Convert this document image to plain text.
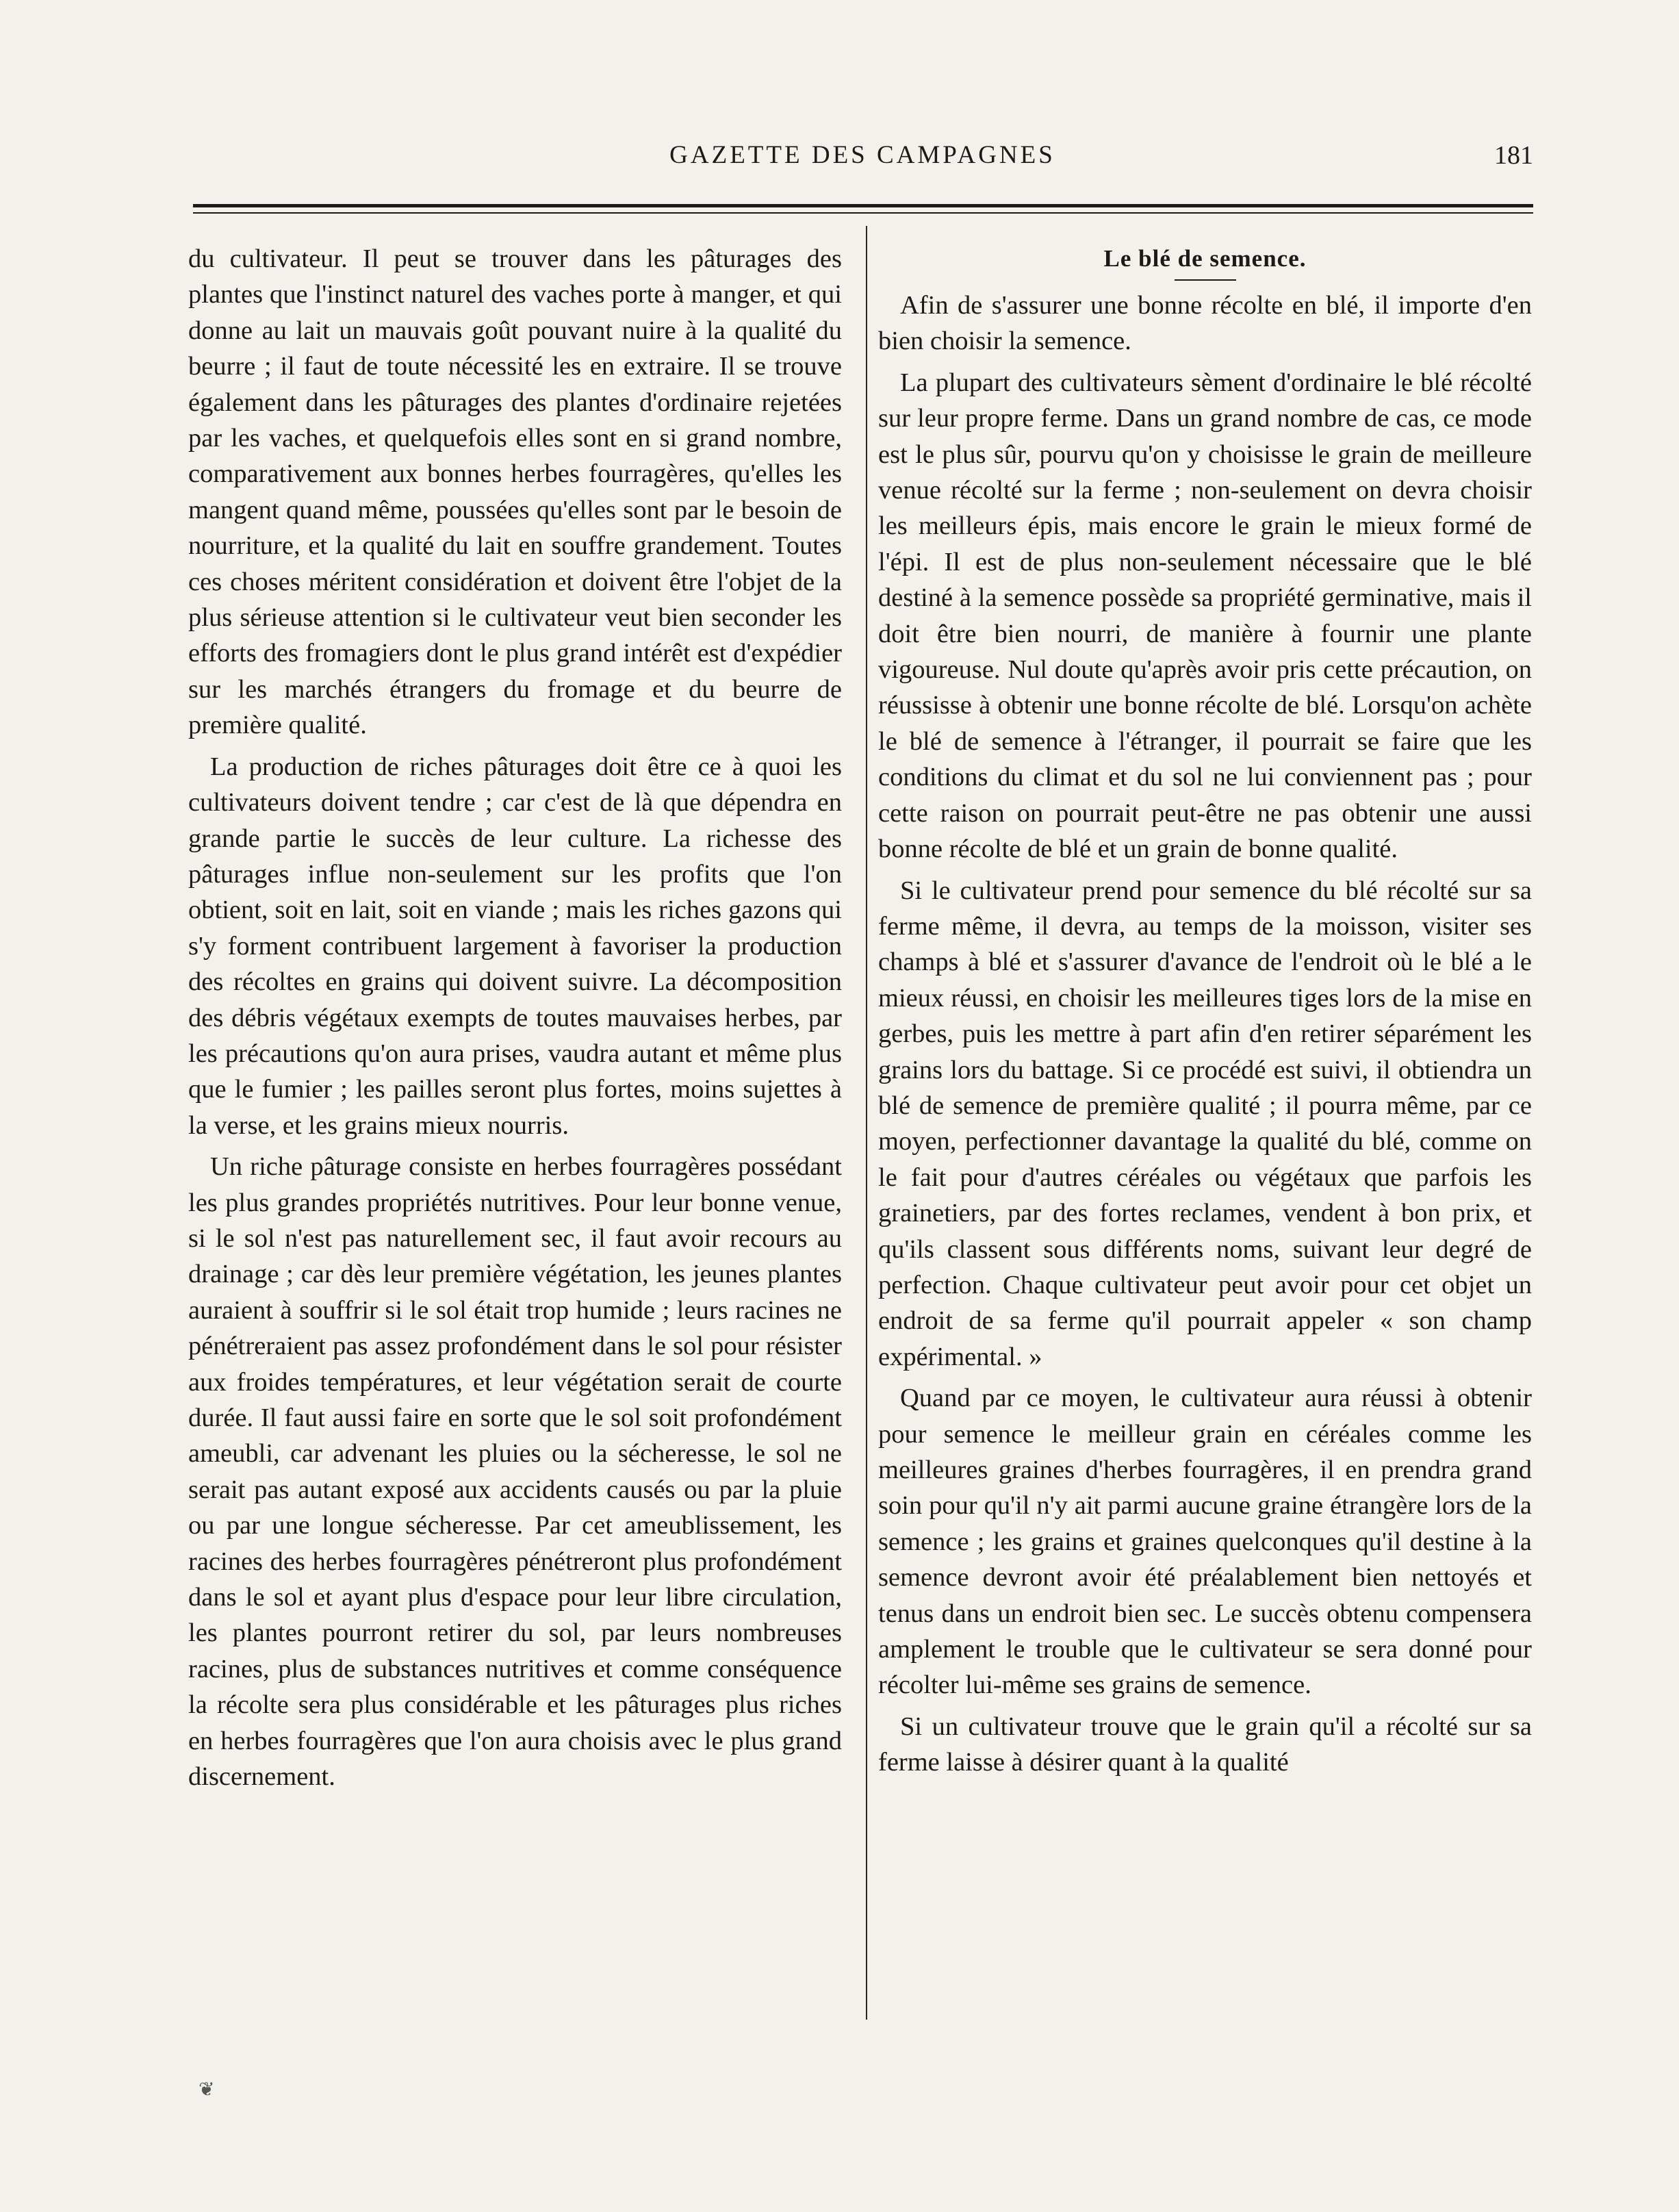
GAZETTE DES CAMPAGNES	181

du cultivateur. Il peut se trouver dans les pâturages des plantes que l'instinct naturel des vaches porte à manger, et qui donne au lait un mauvais goût pouvant nuire à la qualité du beurre ; il faut de toute nécessité les en extraire. Il se trouve également dans les pâturages des plantes d'ordinaire rejetées par les vaches, et quelquefois elles sont en si grand nombre, comparativement aux bonnes herbes fourragères, qu'elles les mangent quand même, poussées qu'elles sont par le besoin de nourriture, et la qualité du lait en souffre grandement. Toutes ces choses méritent considération et doivent être l'objet de la plus sérieuse attention si le cultivateur veut bien seconder les efforts des fromagiers dont le plus grand intérêt est d'expédier sur les marchés étrangers du fromage et du beurre de première qualité.

La production de riches pâturages doit être ce à quoi les cultivateurs doivent tendre ; car c'est de là que dépendra en grande partie le succès de leur culture. La richesse des pâturages influe non-seulement sur les profits que l'on obtient, soit en lait, soit en viande ; mais les riches gazons qui s'y forment contribuent largement à favoriser la production des récoltes en grains qui doivent suivre. La décomposition des débris végétaux exempts de toutes mauvaises herbes, par les précautions qu'on aura prises, vaudra autant et même plus que le fumier ; les pailles seront plus fortes, moins sujettes à la verse, et les grains mieux nourris.

Un riche pâturage consiste en herbes fourragères possédant les plus grandes propriétés nutritives. Pour leur bonne venue, si le sol n'est pas naturellement sec, il faut avoir recours au drainage ; car dès leur première végétation, les jeunes plantes auraient à souffrir si le sol était trop humide ; leurs racines ne pénétreraient pas assez profondément dans le sol pour résister aux froides températures, et leur végétation serait de courte durée. Il faut aussi faire en sorte que le sol soit profondément ameubli, car advenant les pluies ou la sécheresse, le sol ne serait pas autant exposé aux accidents causés ou par la pluie ou par une longue sécheresse. Par cet ameublissement, les racines des herbes fourragères pénétreront plus profondément dans le sol et ayant plus d'espace pour leur libre circulation, les plantes pourront retirer du sol, par leurs nombreuses racines, plus de substances nutritives et comme conséquence la récolte sera plus considérable et les pâturages plus riches en herbes fourragères que l'on aura choisis avec le plus grand discernement.

Le blé de semence.

Afin de s'assurer une bonne récolte en blé, il importe d'en bien choisir la semence.

La plupart des cultivateurs sèment d'ordinaire le blé récolté sur leur propre ferme. Dans un grand nombre de cas, ce mode est le plus sûr, pourvu qu'on y choisisse le grain de meilleure venue récolté sur la ferme ; non-seulement on devra choisir les meilleurs épis, mais encore le grain le mieux formé de l'épi. Il est de plus non-seulement nécessaire que le blé destiné à la semence possède sa propriété germinative, mais il doit être bien nourri, de manière à fournir une plante vigoureuse. Nul doute qu'après avoir pris cette précaution, on réussisse à obtenir une bonne récolte de blé. Lorsqu'on achète le blé de semence à l'étranger, il pourrait se faire que les conditions du climat et du sol ne lui conviennent pas ; pour cette raison on pourrait peut-être ne pas obtenir une aussi bonne récolte de blé et un grain de bonne qualité.

Si le cultivateur prend pour semence du blé récolté sur sa ferme même, il devra, au temps de la moisson, visiter ses champs à blé et s'assurer d'avance de l'endroit où le blé a le mieux réussi, en choisir les meilleures tiges lors de la mise en gerbes, puis les mettre à part afin d'en retirer séparément les grains lors du battage. Si ce procédé est suivi, il obtiendra un blé de semence de première qualité ; il pourra même, par ce moyen, perfectionner davantage la qualité du blé, comme on le fait pour d'autres céréales ou végétaux que parfois les grainetiers, par des fortes reclames, vendent à bon prix, et qu'ils classent sous différents noms, suivant leur degré de perfection. Chaque cultivateur peut avoir pour cet objet un endroit de sa ferme qu'il pourrait appeler « son champ expérimental. »

Quand par ce moyen, le cultivateur aura réussi à obtenir pour semence le meilleur grain en céréales comme les meilleures graines d'herbes fourragères, il en prendra grand soin pour qu'il n'y ait parmi aucune graine étrangère lors de la semence ; les grains et graines quelconques qu'il destine à la semence devront avoir été préalablement bien nettoyés et tenus dans un endroit bien sec. Le succès obtenu compensera amplement le trouble que le cultivateur se sera donné pour récolter lui-même ses grains de semence.

Si un cultivateur trouve que le grain qu'il a récolté sur sa ferme laisse à désirer quant à la qualité

❦
